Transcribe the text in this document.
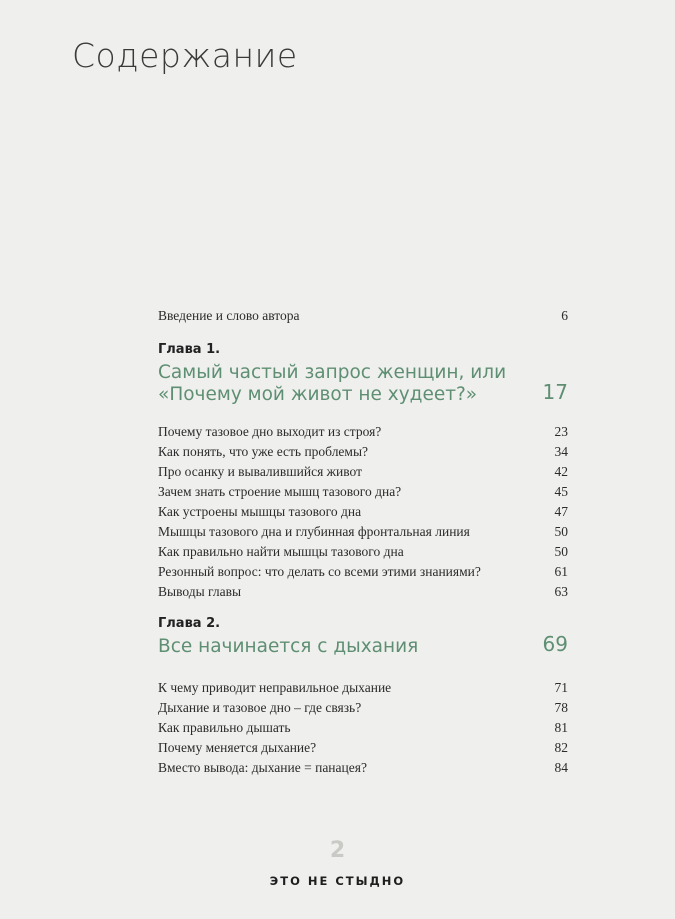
Содержание
Введение и слово автора	6
Глава 1.
Самый частый запрос женщин, или
«Почему мой живот не худеет?»	17
Почему тазовое дно выходит из строя?	23
Как понять, что уже есть проблемы?	34
Про осанку и вывалившийся живот	42
Зачем знать строение мышц тазового дна?	45
Как устроены мышцы тазового дна	47
Мышцы тазового дна и глубинная фронтальная линия	50
Как правильно найти мышцы тазового дна	50
Резонный вопрос: что делать со всеми этими знаниями?	61
Выводы главы	63
Глава 2.
Все начинается с дыхания	69
К чему приводит неправильное дыхание	71
Дыхание и тазовое дно – где связь?	78
Как правильно дышать	81
Почему меняется дыхание?	82
Вместо вывода: дыхание = панацея?	84
2
ЭТО НЕ СТЫДНО
